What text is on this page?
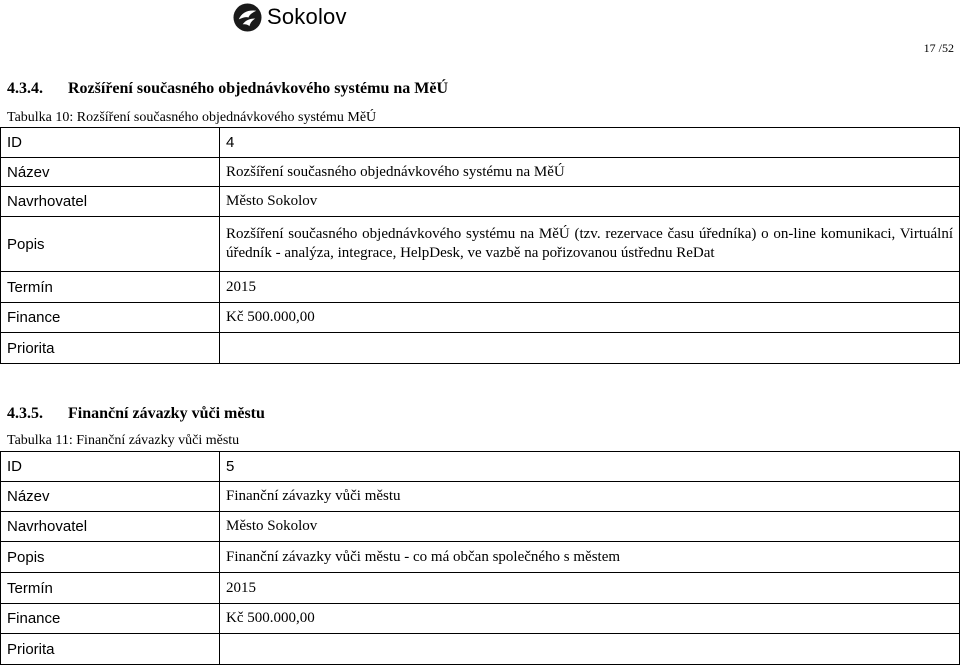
Sokolov
17 /52
4.3.4. Rozšíření současného objednávkového systému na MěÚ
Tabulka 10: Rozšíření současného objednávkového systému MěÚ
ID	4
Název	Rozšíření současného objednávkového systému na MěÚ
Navrhovatel	Město Sokolov
Popis	Rozšíření současného objednávkového systému na MěÚ (tzv. rezervace času úředníka) o on-line komunikaci, Virtuální úředník - analýza, integrace, HelpDesk, ve vazbě na pořizovanou ústřednu ReDat
Termín	2015
Finance	Kč 500.000,00
Priorita	
4.3.5. Finanční závazky vůči městu
Tabulka 11: Finanční závazky vůči městu
ID	5
Název	Finanční závazky vůči městu
Navrhovatel	Město Sokolov
Popis	Finanční závazky vůči městu - co má občan společného s městem
Termín	2015
Finance	Kč 500.000,00
Priorita	
